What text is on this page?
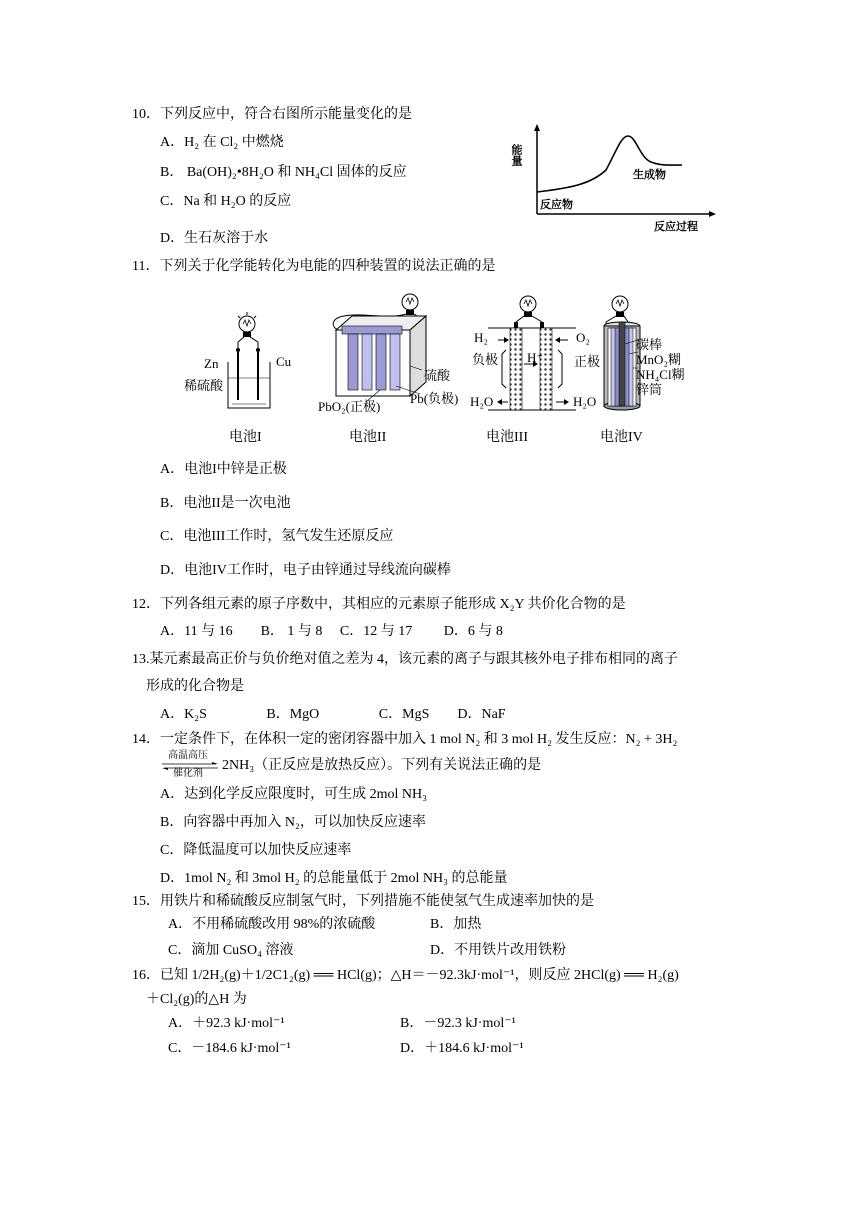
10．下列反应中，符合右图所示能量变化的是
A．H₂ 在 Cl₂ 中燃烧
B． Ba(OH)₂•8H₂O 和 NH₄Cl 固体的反应
C．Na 和 H₂O 的反应
D．生石灰溶于水
能量
反应物
生成物
反应过程
11．下列关于化学能转化为电能的四种装置的说法正确的是
Zn	Cu
稀硫酸
电池I
硫酸
Pb(负极)
PbO₂(正极)
电池II
H₂	O₂
负极	正极
H⁺
H₂O	H₂O
电池III
碳棒
MnO₂糊
NH₄Cl糊
锌筒
电池IV
A．电池I中锌是正极
B．电池II是一次电池
C．电池III工作时，氢气发生还原反应
D．电池IV工作时，电子由锌通过导线流向碳棒
12．下列各组元素的原子序数中，其相应的元素原子能形成 X₂Y 共价化合物的是
A．11 与 16　　B． 1 与 8　 C．12 与 17　　 D．6 与 8
13.某元素最高正价与负价绝对值之差为 4，该元素的离子与跟其核外电子排布相同的离子
形成的化合物是
A．K₂S　　　　 B．MgO　　　　 C．MgS　　D．NaF
14．一定条件下，在体积一定的密闭容器中加入 1 mol N₂ 和 3 mol H₂ 发生反应：N₂ + 3H₂
高温高压
催化剂
2NH₃（正反应是放热反应）。下列有关说法正确的是
A．达到化学反应限度时，可生成 2mol NH₃
B．向容器中再加入 N₂，可以加快反应速率
C．降低温度可以加快反应速率
D．1mol N₂ 和 3mol H₂ 的总能量低于 2mol NH₃ 的总能量
15．用铁片和稀硫酸反应制氢气时，下列措施不能使氢气生成速率加快的是
A．不用稀硫酸改用 98%的浓硫酸	B．加热
C．滴加 CuSO₄ 溶液	D．不用铁片改用铁粉
16．已知 1/2H₂(g)＋1/2C1₂(g) ══ HCl(g)；△H＝－92.3kJ·mol⁻¹，则反应 2HCl(g) ══ H₂(g)
＋Cl₂(g)的△H 为
A．＋92.3 kJ·mol⁻¹	B．－92.3 kJ·mol⁻¹
C．－184.6 kJ·mol⁻¹	D．＋184.6 kJ·mol⁻¹
